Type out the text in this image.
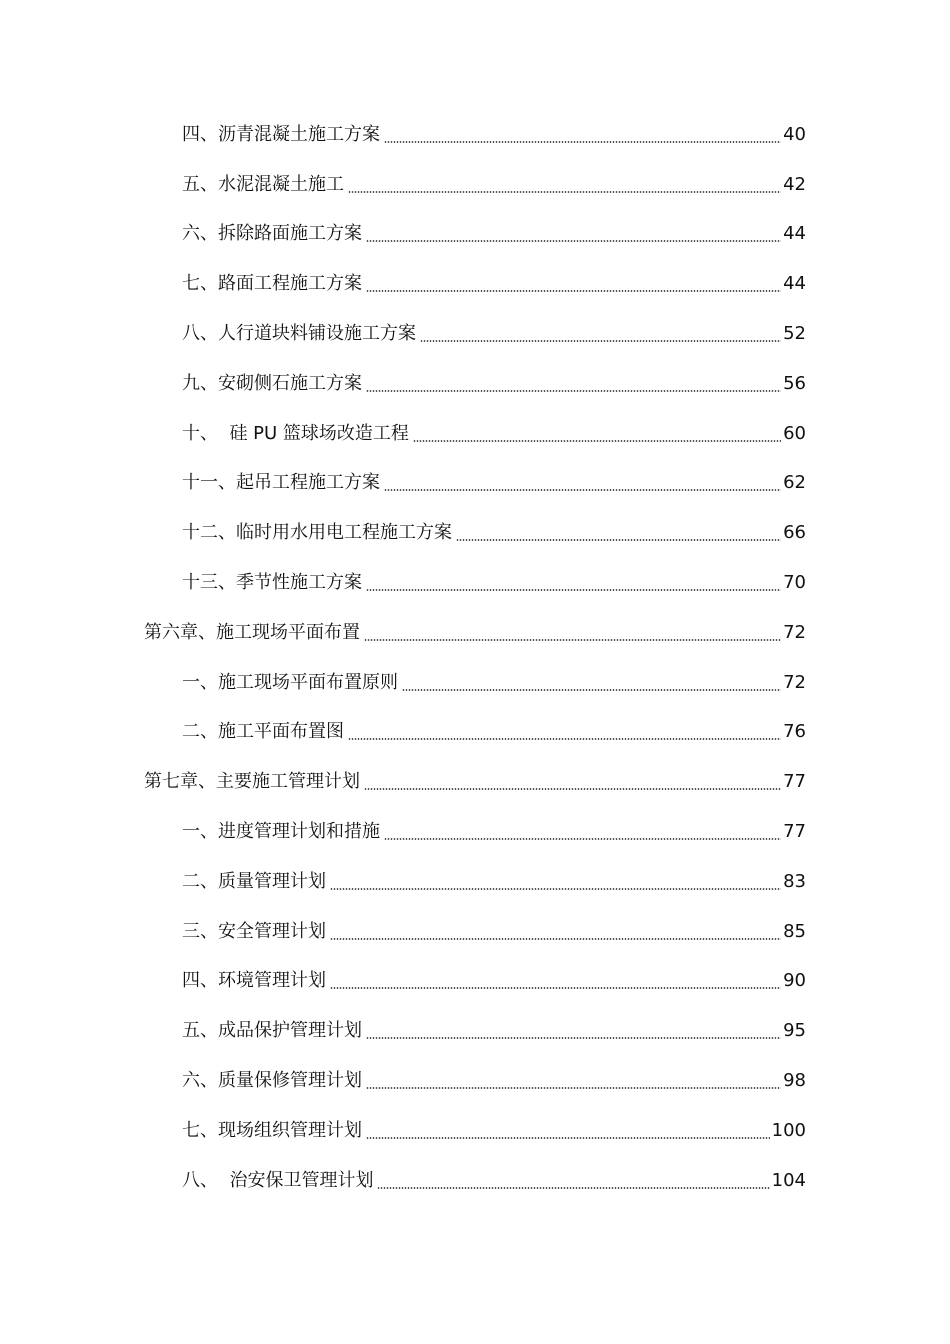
四、沥青混凝土施工方案	40
五、水泥混凝土施工	42
六、拆除路面施工方案	44
七、路面工程施工方案	44
八、人行道块料铺设施工方案	52
九、安砌侧石施工方案	56
十、  硅 PU 篮球场改造工程	60
十一、起吊工程施工方案	62
十二、临时用水用电工程施工方案	66
十三、季节性施工方案	70
第六章、施工现场平面布置	72
一、施工现场平面布置原则	72
二、施工平面布置图	76
第七章、主要施工管理计划	77
一、进度管理计划和措施	77
二、质量管理计划	83
三、安全管理计划	85
四、环境管理计划	90
五、成品保护管理计划	95
六、质量保修管理计划	98
七、现场组织管理计划	100
八、  治安保卫管理计划	104
